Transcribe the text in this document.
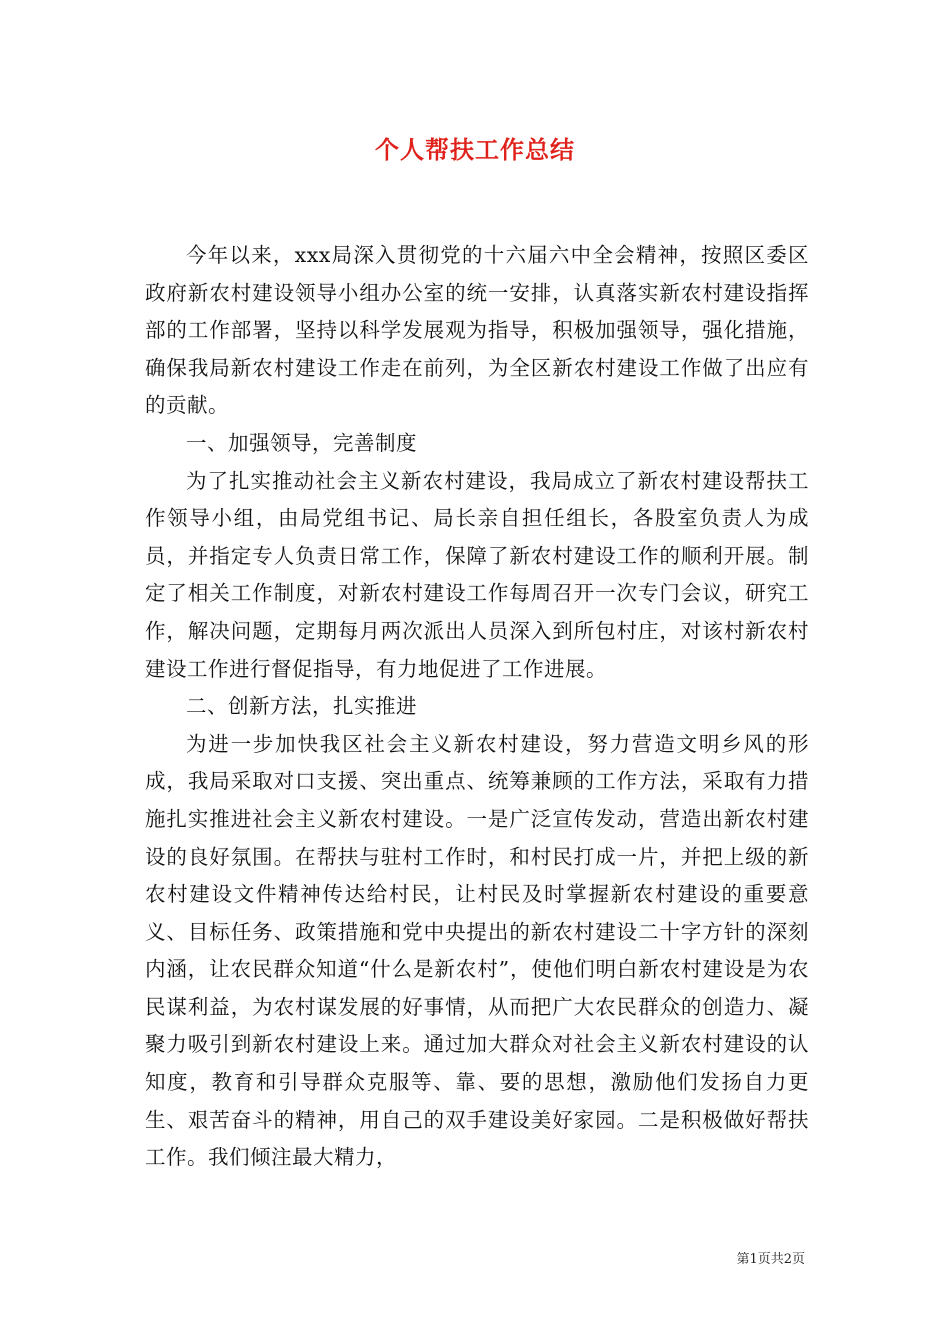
个人帮扶工作总结

今年以来，xxx局深入贯彻党的十六届六中全会精神，按照区委区政府新农村建设领导小组办公室的统一安排，认真落实新农村建设指挥部的工作部署，坚持以科学发展观为指导，积极加强领导，强化措施，确保我局新农村建设工作走在前列，为全区新农村建设工作做了出应有的贡献。

一、加强领导，完善制度

为了扎实推动社会主义新农村建设，我局成立了新农村建设帮扶工作领导小组，由局党组书记、局长亲自担任组长，各股室负责人为成员，并指定专人负责日常工作，保障了新农村建设工作的顺利开展。制定了相关工作制度，对新农村建设工作每周召开一次专门会议，研究工作，解决问题，定期每月两次派出人员深入到所包村庄，对该村新农村建设工作进行督促指导，有力地促进了工作进展。

二、创新方法，扎实推进

为进一步加快我区社会主义新农村建设，努力营造文明乡风的形成，我局采取对口支援、突出重点、统筹兼顾的工作方法，采取有力措施扎实推进社会主义新农村建设。一是广泛宣传发动，营造出新农村建设的良好氛围。在帮扶与驻村工作时，和村民打成一片，并把上级的新农村建设文件精神传达给村民，让村民及时掌握新农村建设的重要意义、目标任务、政策措施和党中央提出的新农村建设二十字方针的深刻内涵，让农民群众知道“什么是新农村”，使他们明白新农村建设是为农民谋利益，为农村谋发展的好事情，从而把广大农民群众的创造力、凝聚力吸引到新农村建设上来。通过加大群众对社会主义新农村建设的认知度，教育和引导群众克服等、靠、要的思想，激励他们发扬自力更生、艰苦奋斗的精神，用自己的双手建设美好家园。二是积极做好帮扶工作。我们倾注最大精力，

第1页共2页
